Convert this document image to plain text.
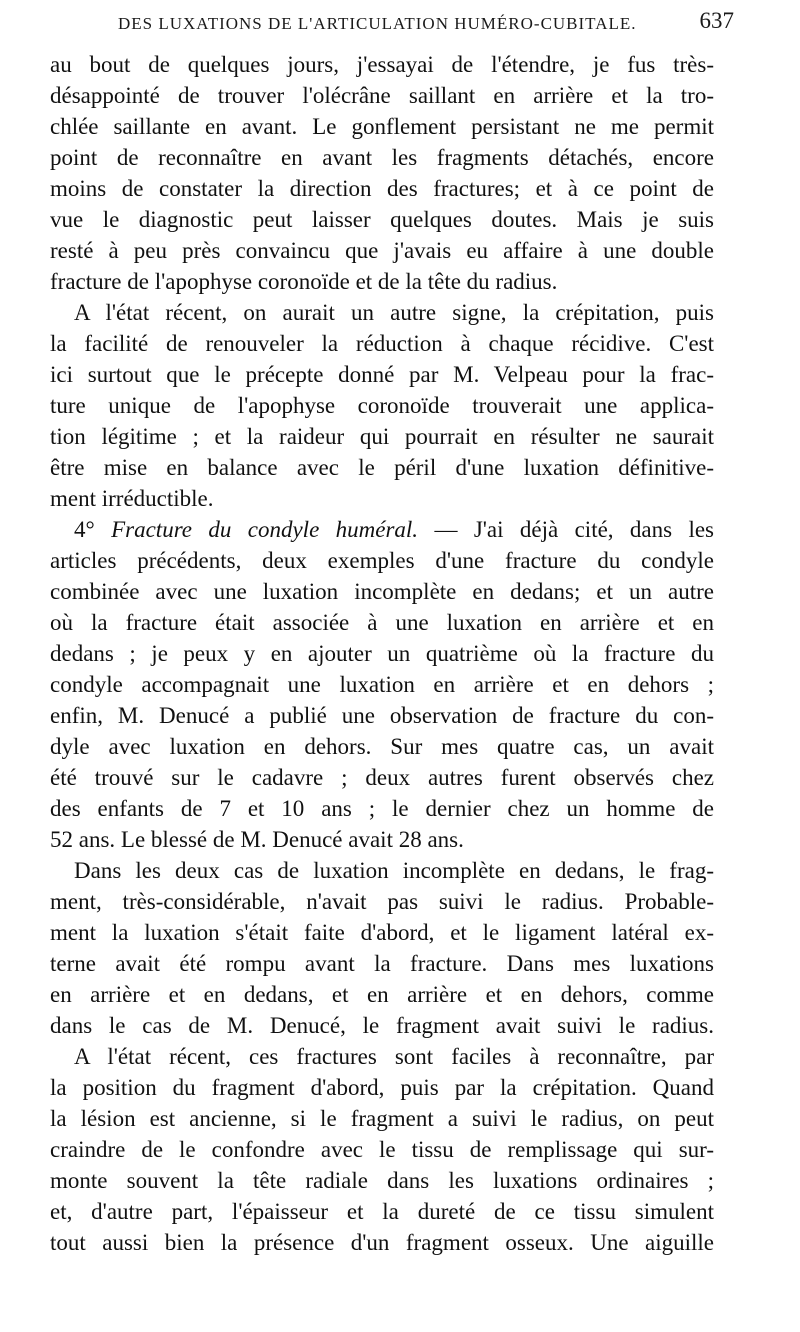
DES LUXATIONS DE L'ARTICULATION HUMÉRO-CUBITALE.	637
au bout de quelques jours, j'essayai de l'étendre, je fus très-
désappointé de trouver l'olécrâne saillant en arrière et la tro-
chlée saillante en avant. Le gonflement persistant ne me permit
point de reconnaître en avant les fragments détachés, encore
moins de constater la direction des fractures; et à ce point de
vue le diagnostic peut laisser quelques doutes. Mais je suis
resté à peu près convaincu que j'avais eu affaire à une double
fracture de l'apophyse coronoïde et de la tête du radius.
A l'état récent, on aurait un autre signe, la crépitation, puis
la facilité de renouveler la réduction à chaque récidive. C'est
ici surtout que le précepte donné par M. Velpeau pour la frac-
ture unique de l'apophyse coronoïde trouverait une applica-
tion légitime ; et la raideur qui pourrait en résulter ne saurait
être mise en balance avec le péril d'une luxation définitive-
ment irréductible.
4° Fracture du condyle huméral. — J'ai déjà cité, dans les
articles précédents, deux exemples d'une fracture du condyle
combinée avec une luxation incomplète en dedans; et un autre
où la fracture était associée à une luxation en arrière et en
dedans ; je peux y en ajouter un quatrième où la fracture du
condyle accompagnait une luxation en arrière et en dehors ;
enfin, M. Denucé a publié une observation de fracture du con-
dyle avec luxation en dehors. Sur mes quatre cas, un avait
été trouvé sur le cadavre ; deux autres furent observés chez
des enfants de 7 et 10 ans ; le dernier chez un homme de
52 ans. Le blessé de M. Denucé avait 28 ans.
Dans les deux cas de luxation incomplète en dedans, le frag-
ment, très-considérable, n'avait pas suivi le radius. Probable-
ment la luxation s'était faite d'abord, et le ligament latéral ex-
terne avait été rompu avant la fracture. Dans mes luxations
en arrière et en dedans, et en arrière et en dehors, comme
dans le cas de M. Denucé, le fragment avait suivi le radius.
A l'état récent, ces fractures sont faciles à reconnaître, par
la position du fragment d'abord, puis par la crépitation. Quand
la lésion est ancienne, si le fragment a suivi le radius, on peut
craindre de le confondre avec le tissu de remplissage qui sur-
monte souvent la tête radiale dans les luxations ordinaires ;
et, d'autre part, l'épaisseur et la dureté de ce tissu simulent
tout aussi bien la présence d'un fragment osseux. Une aiguille
